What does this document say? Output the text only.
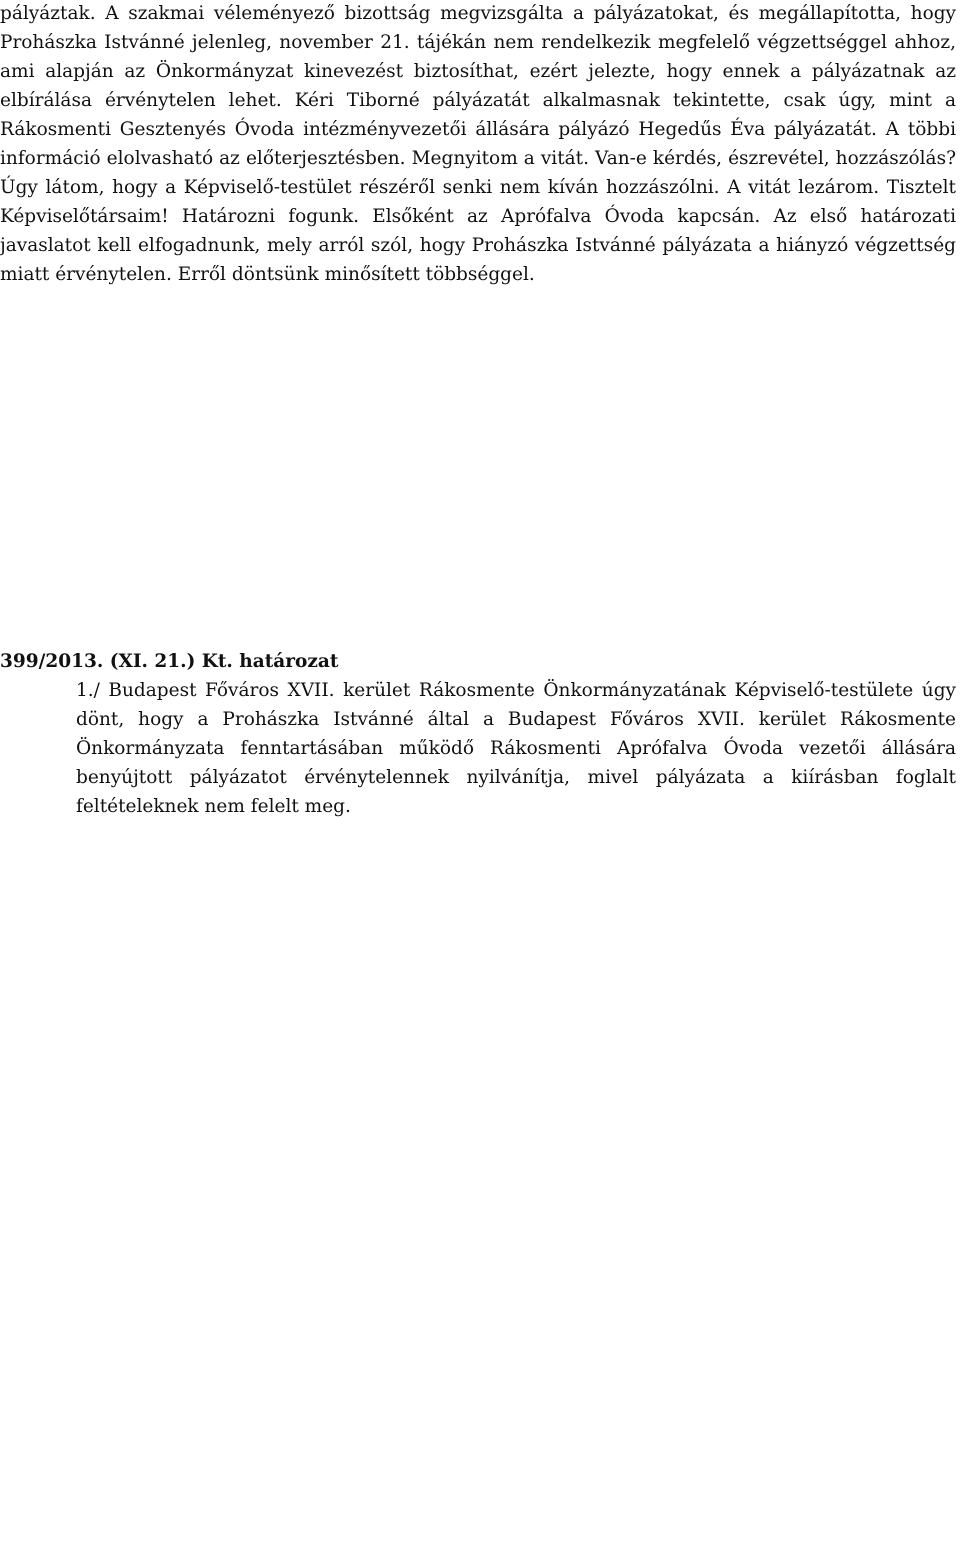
pályáztak. A szakmai véleményező bizottság megvizsgálta a pályázatokat, és megállapította, hogy Prohászka Istvánné jelenleg, november 21. tájékán nem rendelkezik megfelelő végzettséggel ahhoz, ami alapján az Önkormányzat kinevezést biztosíthat, ezért jelezte, hogy ennek a pályázatnak az elbírálása érvénytelen lehet. Kéri Tiborné pályázatát alkalmasnak tekintette, csak úgy, mint a Rákosmenti Gesztenyés Óvoda intézményvezetői állására pályázó Hegedűs Éva pályázatát. A többi információ elolvasható az előterjesztésben. Megnyitom a vitát. Van-e kérdés, észrevétel, hozzászólás? Úgy látom, hogy a Képviselő-testület részéről senki nem kíván hozzászólni. A vitát lezárom. Tisztelt Képviselőtársaim! Határozni fogunk. Elsőként az Aprófalva Óvoda kapcsán. Az első határozati javaslatot kell elfogadnunk, mely arról szól, hogy Prohászka Istvánné pályázata a hiányzó végzettség miatt érvénytelen. Erről döntsünk minősített többséggel.

399/2013. (XI. 21.) Kt. határozat

1./ Budapest Főváros XVII. kerület Rákosmente Önkormányzatának Képviselő-testülete úgy dönt, hogy a Prohászka Istvánné által a Budapest Főváros XVII. kerület Rákosmente Önkormányzata fenntartásában működő Rákosmenti Aprófalva Óvoda vezetői állására benyújtott pályázatot érvénytelennek nyilvánítja, mivel pályázata a kiírásban foglalt feltételeknek nem felelt meg.
